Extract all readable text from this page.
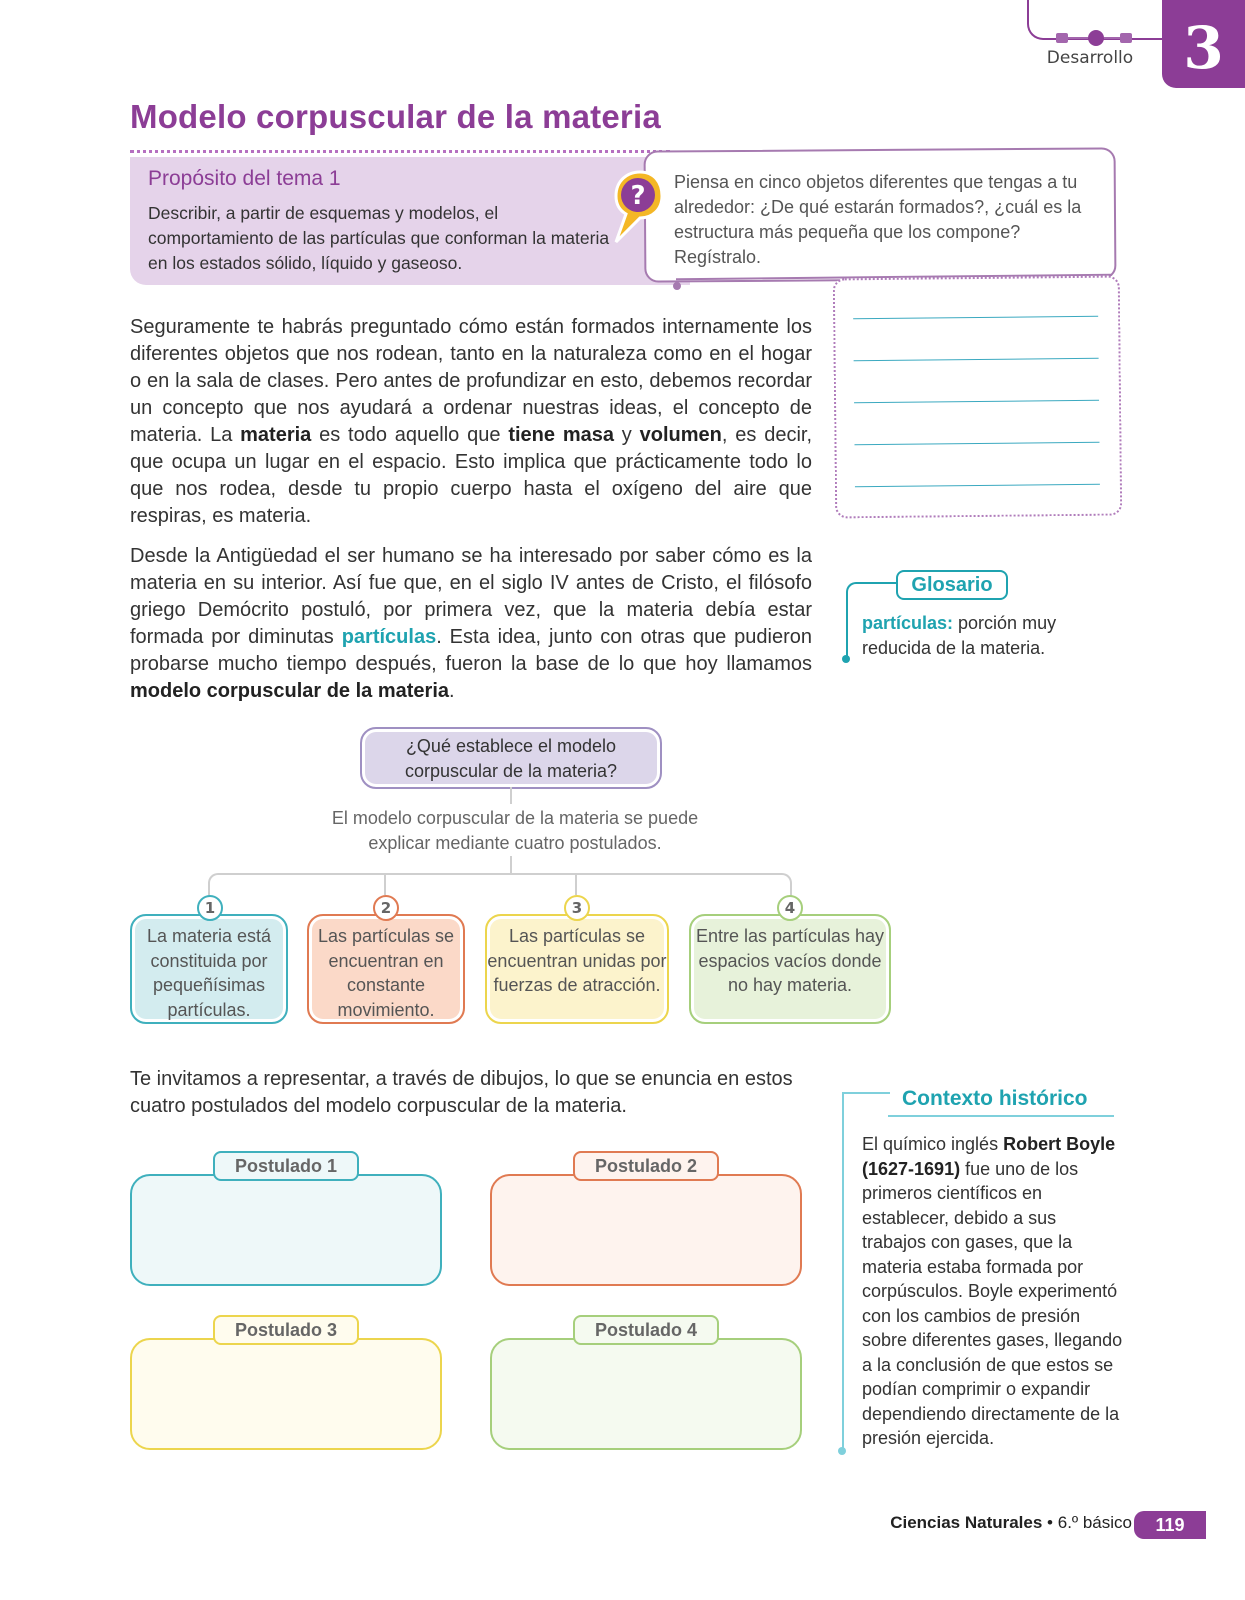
Desarrollo 3
Modelo corpuscular de la materia
Propósito del tema 1
Describir, a partir de esquemas y modelos, el comportamiento de las partículas que conforman la materia en los estados sólido, líquido y gaseoso.
? Piensa en cinco objetos diferentes que tengas a tu alrededor: ¿De qué estarán formados?, ¿cuál es la estructura más pequeña que los compone? Regístralo.
Seguramente te habrás preguntado cómo están formados internamente los diferentes objetos que nos rodean, tanto en la naturaleza como en el hogar o en la sala de clases. Pero antes de profundizar en esto, debemos recordar un concepto que nos ayudará a ordenar nuestras ideas, el concepto de materia. La materia es todo aquello que tiene masa y volumen, es decir, que ocupa un lugar en el espacio. Esto implica que prácticamente todo lo que nos rodea, desde tu propio cuerpo hasta el oxígeno del aire que respiras, es materia.
Desde la Antigüedad el ser humano se ha interesado por saber cómo es la materia en su interior. Así fue que, en el siglo IV antes de Cristo, el filósofo griego Demócrito postuló, por primera vez, que la materia debía estar formada por diminutas partículas. Esta idea, junto con otras que pudieron probarse mucho tiempo después, fueron la base de lo que hoy llamamos modelo corpuscular de la materia.
Glosario
partículas: porción muy reducida de la materia.
¿Qué establece el modelo corpuscular de la materia?
El modelo corpuscular de la materia se puede explicar mediante cuatro postulados.
La materia está constituida por pequeñísimas partículas.
Las partículas se encuentran en constante movimiento.
Las partículas se encuentran unidas por fuerzas de atracción.
Entre las partículas hay espacios vacíos donde no hay materia.
1	2	3	4
Te invitamos a representar, a través de dibujos, lo que se enuncia en estos cuatro postulados del modelo corpuscular de la materia.
Postulado 1	Postulado 2
Postulado 3	Postulado 4
Contexto histórico
El químico inglés Robert Boyle (1627-1691) fue uno de los primeros científicos en establecer, debido a sus trabajos con gases, que la materia estaba formada por corpúsculos. Boyle experimentó con los cambios de presión sobre diferentes gases, llegando a la conclusión de que estos se podían comprimir o expandir dependiendo directamente de la presión ejercida.
Ciencias Naturales • 6.º básico	119
